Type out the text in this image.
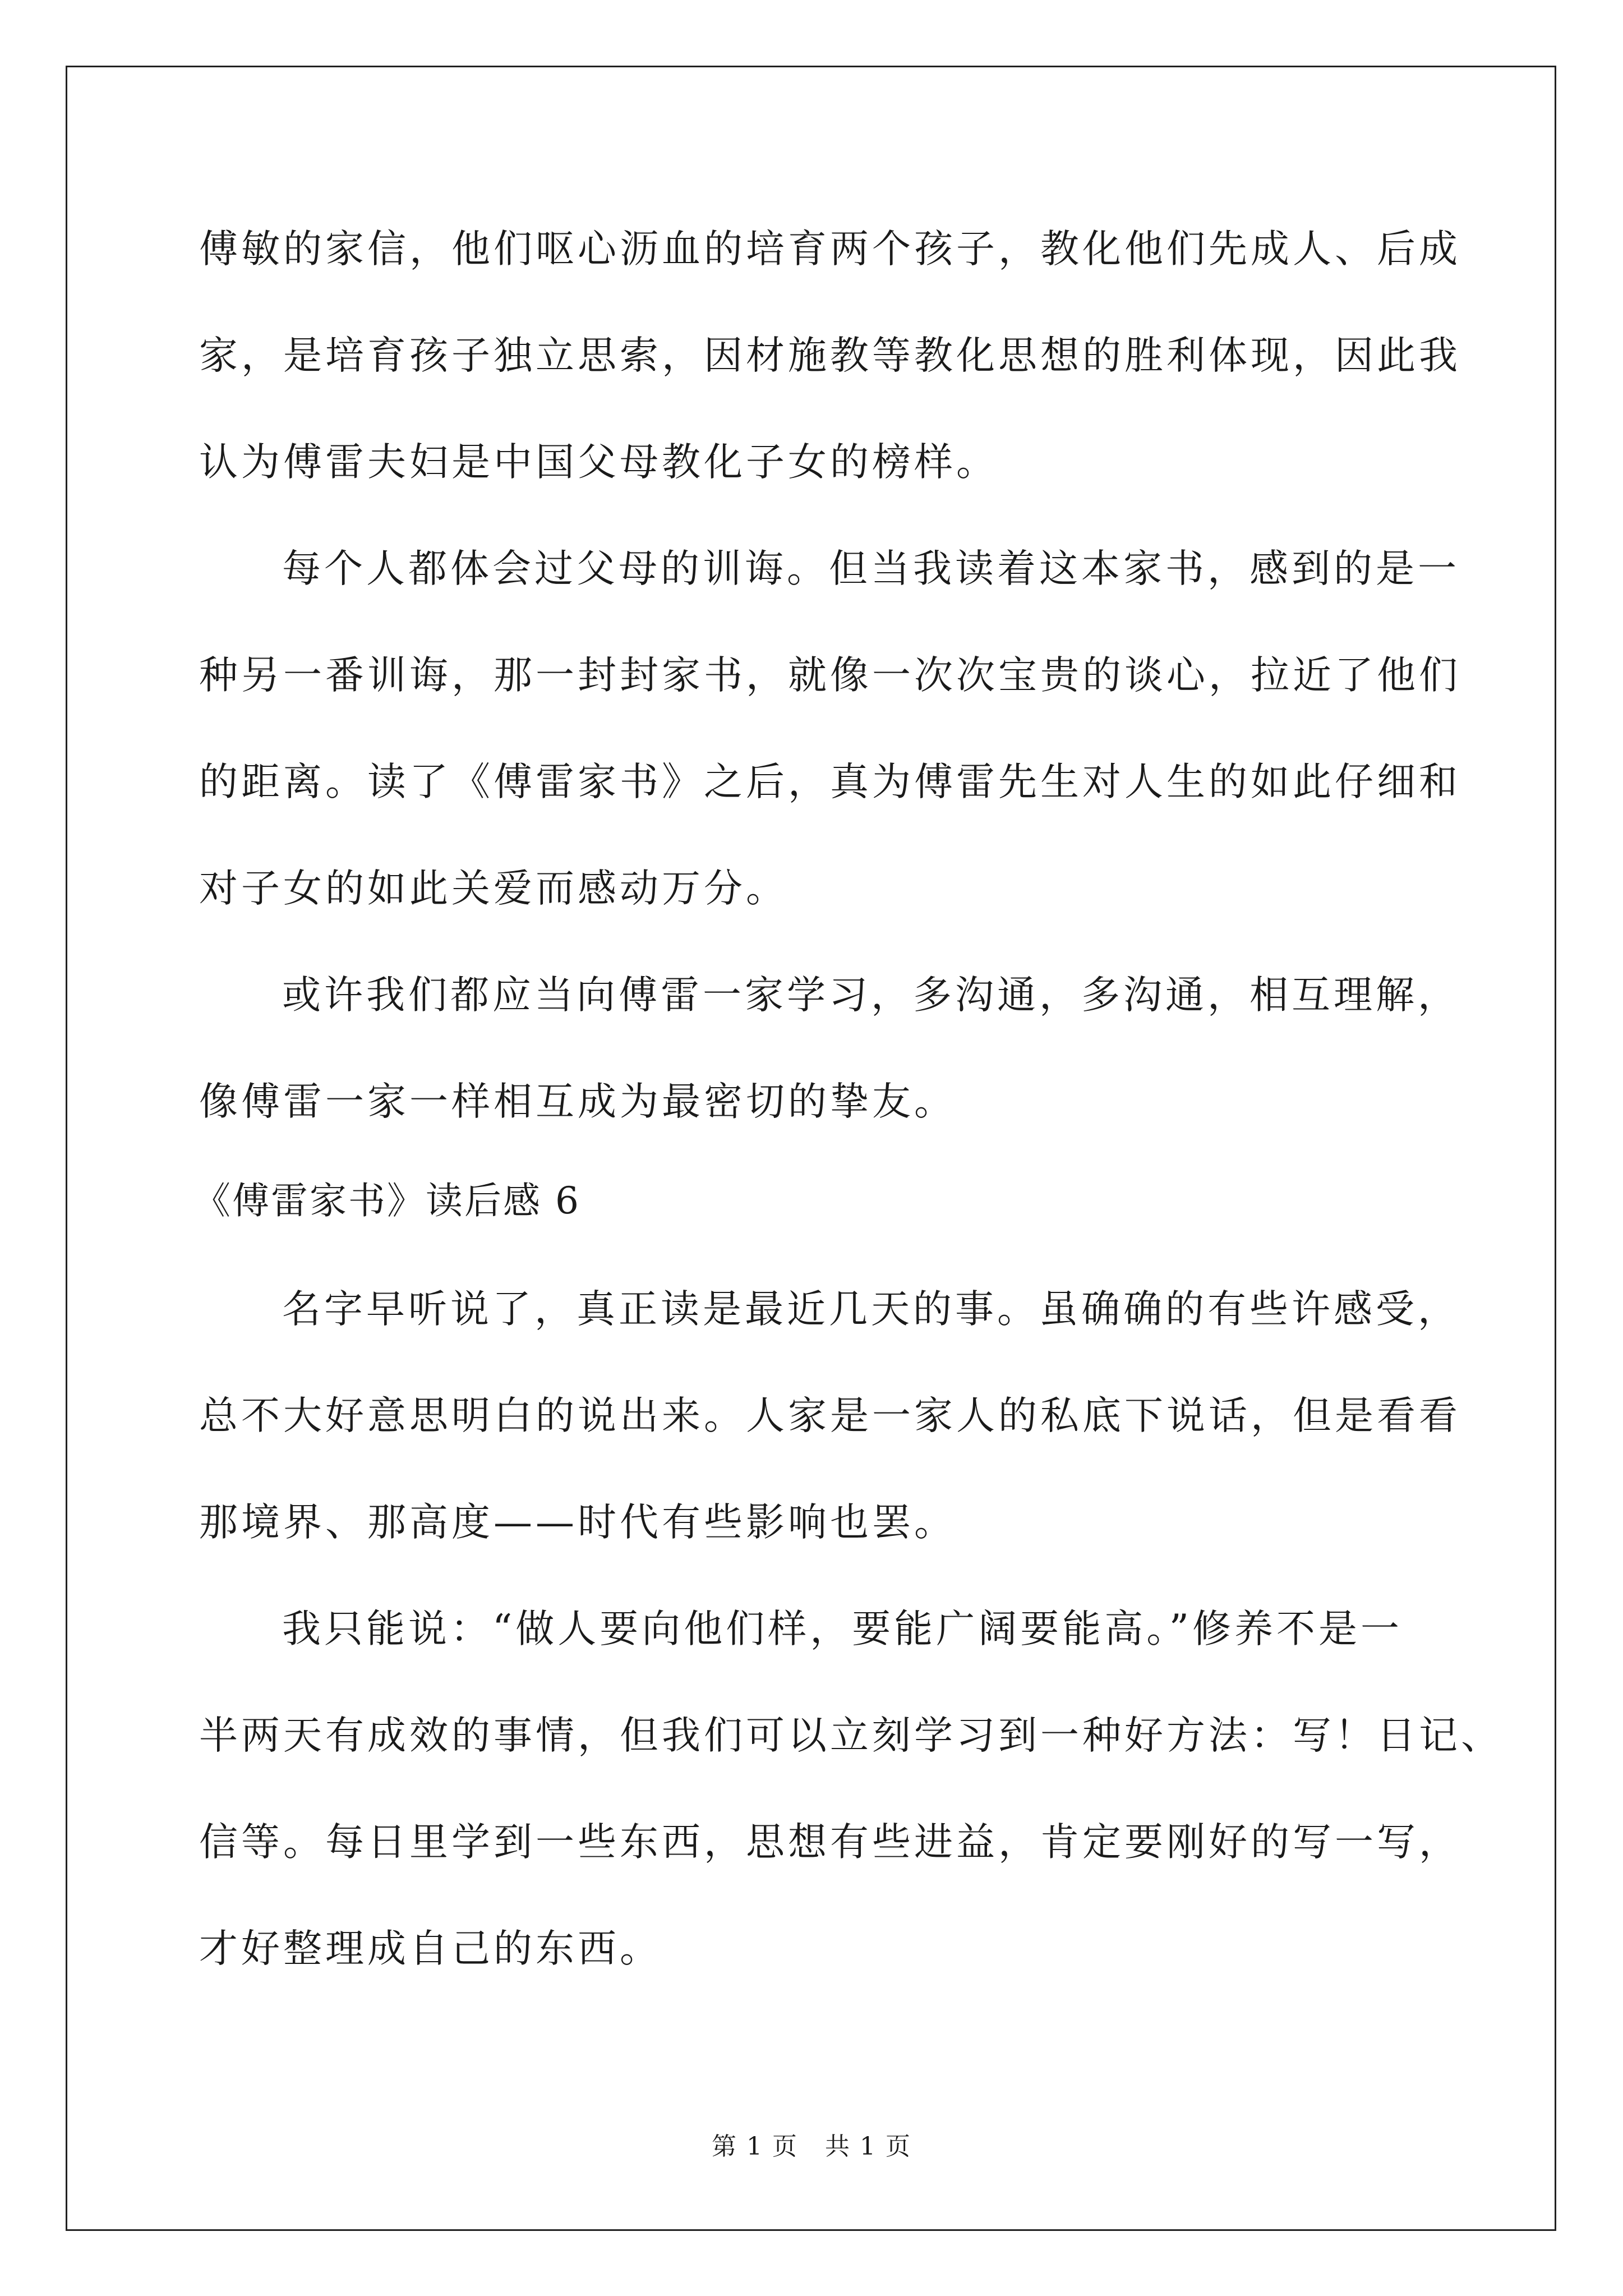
傅敏的家信，他们呕心沥血的培育两个孩子，教化他们先成人、后成
家，是培育孩子独立思索，因材施教等教化思想的胜利体现，因此我
认为傅雷夫妇是中国父母教化子女的榜样。
每个人都体会过父母的训诲。但当我读着这本家书，感到的是一
种另一番训诲，那一封封家书，就像一次次宝贵的谈心，拉近了他们
的距离。读了《傅雷家书》之后，真为傅雷先生对人生的如此仔细和
对子女的如此关爱而感动万分。
或许我们都应当向傅雷一家学习，多沟通，多沟通，相互理解，
像傅雷一家一样相互成为最密切的挚友。
《傅雷家书》读后感 6
名字早听说了，真正读是最近几天的事。虽确确的有些许感受，
总不大好意思明白的说出来。人家是一家人的私底下说话，但是看看
那境界、那高度——时代有些影响也罢。
我只能说：“做人要向他们样，要能广阔要能高。”修养不是一
半两天有成效的事情，但我们可以立刻学习到一种好方法：写！日记、
信等。每日里学到一些东西，思想有些进益，肯定要刚好的写一写，
才好整理成自己的东西。
第 1 页   共 1 页
